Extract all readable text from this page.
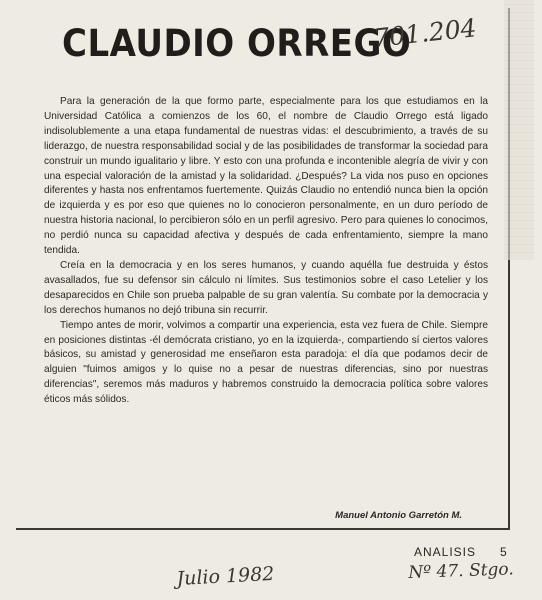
CLAUDIO ORREGO
701.204

Para la generación de la que formo parte, especialmente para los que estudiamos en la Universidad Católica a comienzos de los 60, el nombre de Claudio Orrego está ligado indisolublemente a una etapa fundamental de nuestras vidas: el descubrimiento, a través de su liderazgo, de nuestra responsabilidad social y de las posibilidades de transformar la sociedad para construir un mundo igualitario y libre. Y esto con una profunda e incontenible alegría de vivir y con una especial valoración de la amistad y la solidaridad. ¿Después? La vida nos puso en opciones diferentes y hasta nos enfrentamos fuertemente. Quizás Claudio no entendió nunca bien la opción de izquierda y es por eso que quienes no lo conocieron personalmente, en un duro período de nuestra historia nacional, lo percibieron sólo en un perfil agresivo. Pero para quienes lo conocimos, no perdió nunca su capacidad afectiva y después de cada enfrentamiento, siempre la mano tendida.

Creía en la democracia y en los seres humanos, y cuando aquélla fue destruida y éstos avasallados, fue su defensor sin cálculo ni límites. Sus testimonios sobre el caso Letelier y los desaparecidos en Chile son prueba palpable de su gran valentía. Su combate por la democracia y los derechos humanos no dejó tribuna sin recurrir.

Tiempo antes de morir, volvimos a compartir una experiencia, esta vez fuera de Chile. Siempre en posiciones distintas -él demócrata cristiano, yo en la izquierda-, compartiendo sí ciertos valores básicos, su amistad y generosidad me enseñaron esta paradoja: el día que podamos decir de alguien "fuimos amigos y lo quise no a pesar de nuestras diferencias, sino por nuestras diferencias", seremos más maduros y habremos construido la democracia política sobre valores éticos más sólidos.

Manuel Antonio Garretón M.
ANALISIS 5
Julio 1982	Nº 47. Stgo.
